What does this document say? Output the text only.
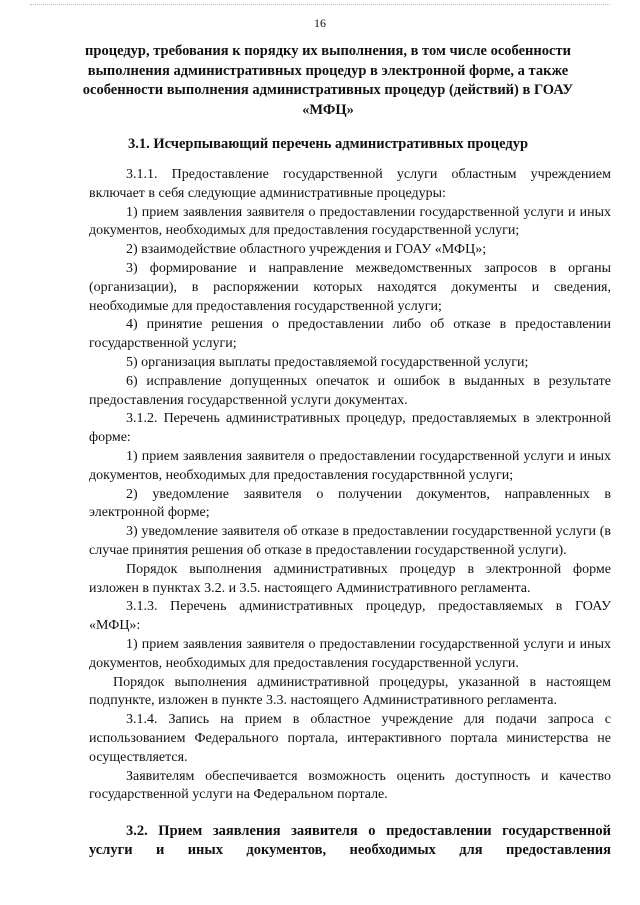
16
процедур, требования к порядку их выполнения, в том числе особенности
выполнения административных процедур в электронной форме, а также
особенности выполнения административных процедур (действий) в ГОАУ
«МФЦ»
3.1. Исчерпывающий перечень административных процедур

3.1.1. Предоставление государственной услуги областным учреждением включает в себя следующие административные процедуры:

1) прием заявления заявителя о предоставлении государственной услуги и иных документов, необходимых для предоставления государственной услуги;

2) взаимодействие областного учреждения и ГОАУ «МФЦ»;

3) формирование и направление межведомственных запросов в органы (организации), в распоряжении которых находятся документы и сведения, необходимые для предоставления государственной услуги;

4) принятие решения о предоставлении либо об отказе в предоставлении государственной услуги;

5) организация выплаты предоставляемой государственной услуги;

6) исправление допущенных опечаток и ошибок в выданных в результате предоставления государственной услуги документах.

3.1.2. Перечень административных процедур, предоставляемых в электронной форме:

1) прием заявления заявителя о предоставлении государственной услуги и иных документов, необходимых для предоставления государствнной услуги;

2) уведомление заявителя о получении документов, направленных в электронной форме;

3) уведомление заявителя об отказе в предоставлении государственной услуги (в случае принятия решения об отказе в предоставлении государственной услуги).

Порядок выполнения административных процедур в электронной форме изложен в пунктах 3.2. и 3.5. настоящего Административного регламента.

3.1.3. Перечень административных процедур, предоставляемых в ГОАУ «МФЦ»:

1) прием заявления заявителя о предоставлении государственной услуги и иных документов, необходимых для предоставления государственной услуги.

Порядок выполнения административной процедуры, указанной в настоящем подпункте, изложен в пункте 3.3. настоящего Административного регламента.

3.1.4. Запись на прием в областное учреждение для подачи запроса с использованием Федерального портала, интерактивного портала министерства не осуществляется.

Заявителям обеспечивается возможность оценить доступность и качество государственной услуги на Федеральном портале.

3.2. Прием заявления заявителя о предоставлении государственной услуги и иных документов, необходимых для предоставления
